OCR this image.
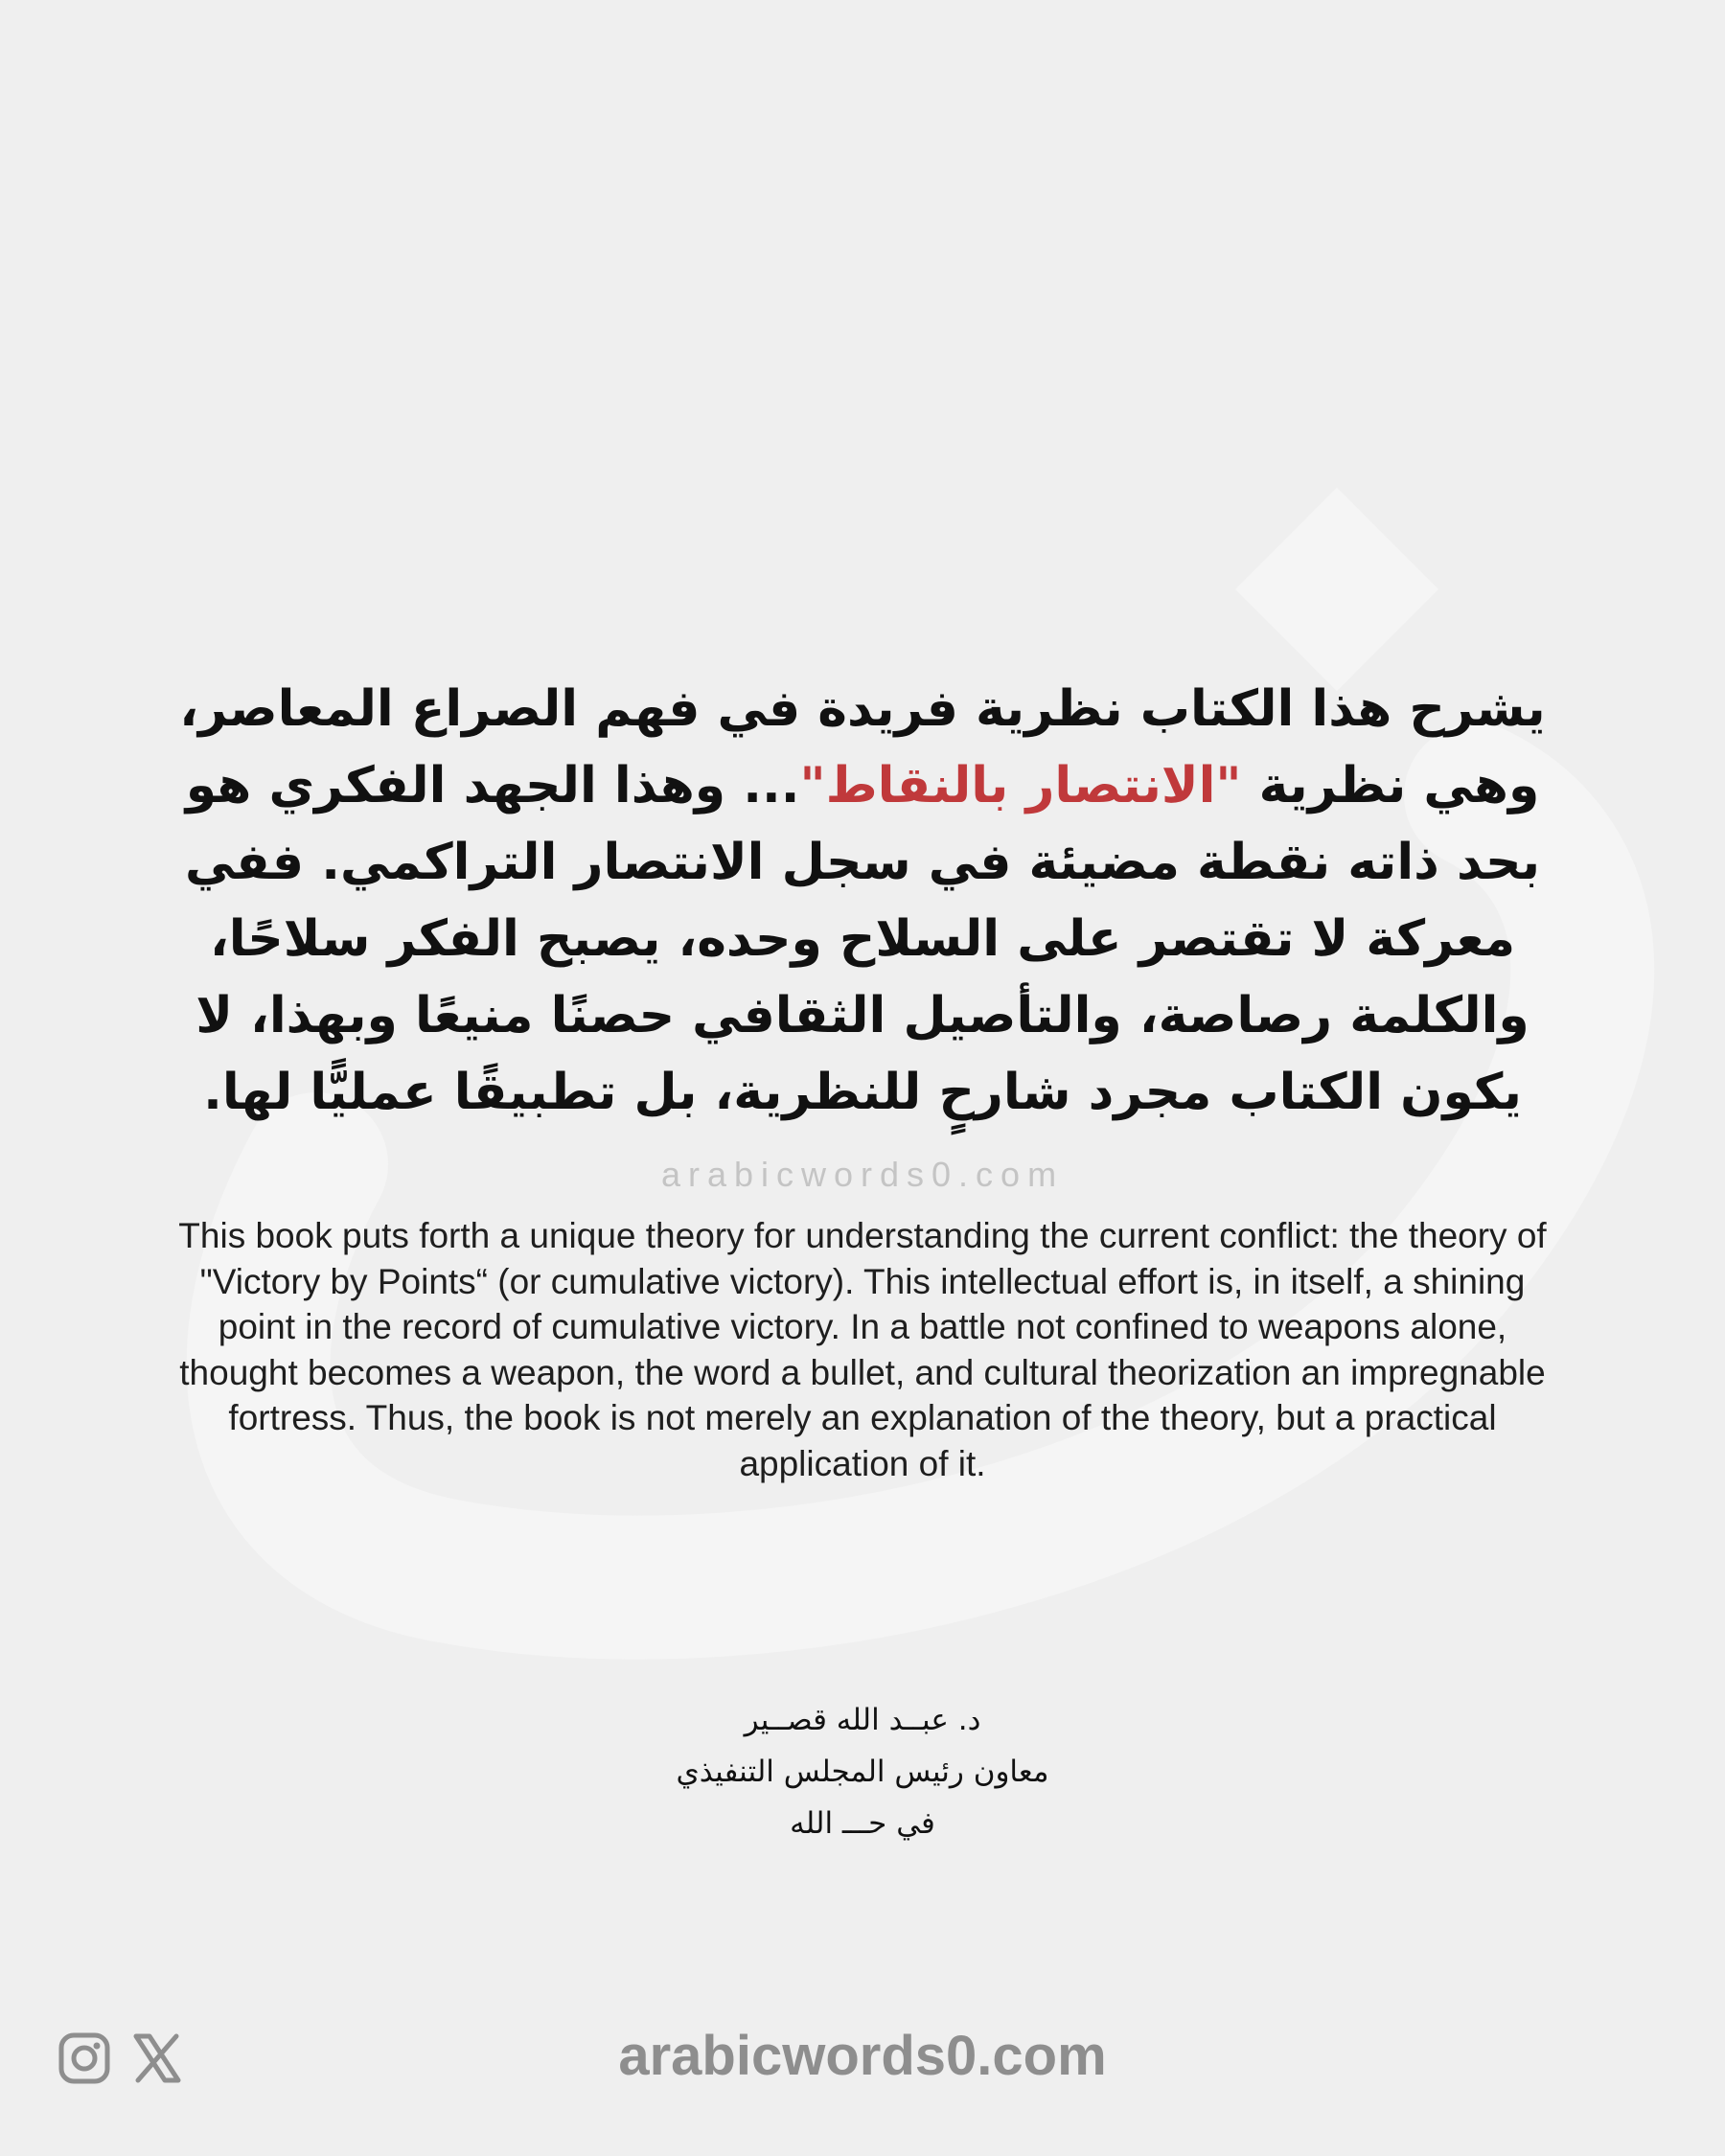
يشرح هذا الكتاب نظرية فريدة في فهم الصراع المعاصر، وهي نظرية "الانتصار بالنقاط"... وهذا الجهد الفكري هو بحد ذاته نقطة مضيئة في سجل الانتصار التراكمي. ففي معركة لا تقتصر على السلاح وحده، يصبح الفكر سلاحًا، والكلمة رصاصة، والتأصيل الثقافي حصنًا منيعًا وبهذا، لا يكون الكتاب مجرد شارحٍ للنظرية، بل تطبيقًا عمليًّا لها.
arabicwords0.com
This book puts forth a unique theory for understanding the current conflict: the theory of "Victory by Points“ (or cumulative victory). This intellectual effort is, in itself, a shining point in the record of cumulative victory. In a battle not confined to weapons alone, thought becomes a weapon, the word a bullet, and cultural theorization an impregnable fortress. Thus, the book is not merely an explanation of the theory, but a practical application of it.
د. عبــد الله قصــير
معاون رئيس المجلس التنفيذي
في حـــ الله
arabicwords0.com
